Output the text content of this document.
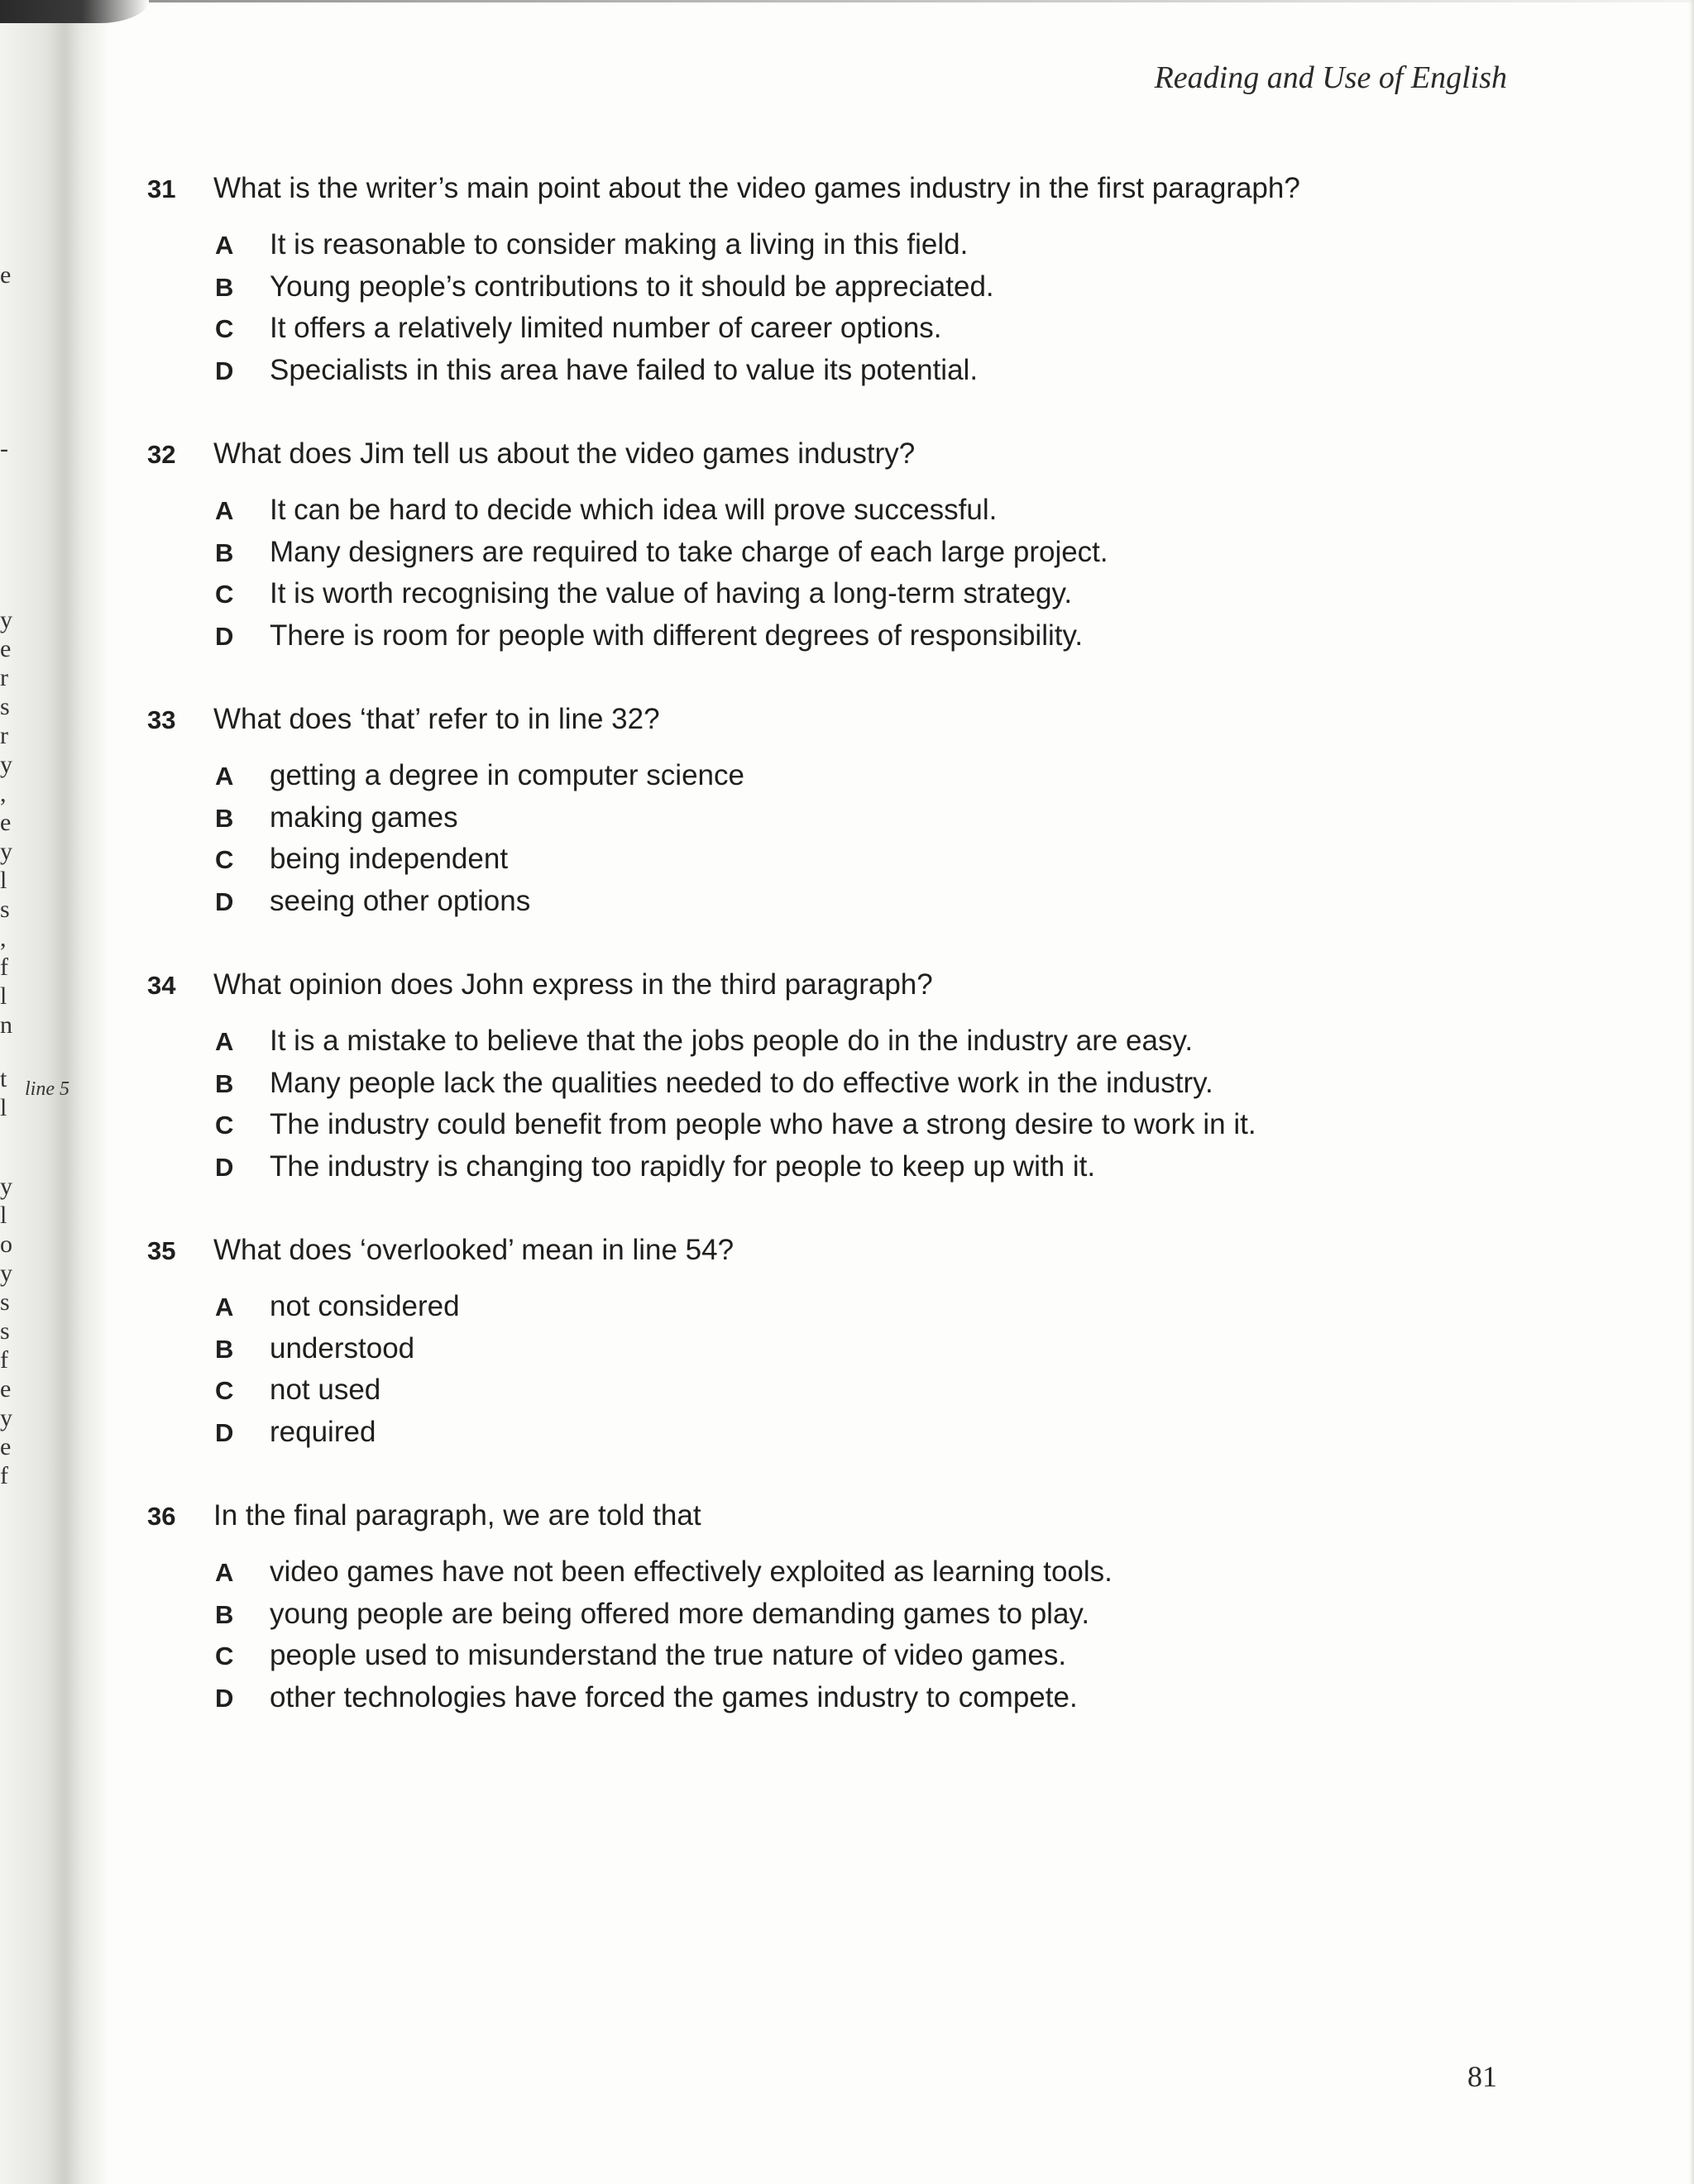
line 5
e
-
y
e
r
s
r
y
,
e
y
l
s
,
f
l
n
t
l
y
l
o
y
s
s
f
e
y
e
f
Reading and Use of English
31	What is the writer’s main point about the video games industry in the first paragraph?
A	It is reasonable to consider making a living in this field.
B	Young people’s contributions to it should be appreciated.
C	It offers a relatively limited number of career options.
D	Specialists in this area have failed to value its potential.
32	What does Jim tell us about the video games industry?
A	It can be hard to decide which idea will prove successful.
B	Many designers are required to take charge of each large project.
C	It is worth recognising the value of having a long-term strategy.
D	There is room for people with different degrees of responsibility.
33	What does ‘that’ refer to in line 32?
A	getting a degree in computer science
B	making games
C	being independent
D	seeing other options
34	What opinion does John express in the third paragraph?
A	It is a mistake to believe that the jobs people do in the industry are easy.
B	Many people lack the qualities needed to do effective work in the industry.
C	The industry could benefit from people who have a strong desire to work in it.
D	The industry is changing too rapidly for people to keep up with it.
35	What does ‘overlooked’ mean in line 54?
A	not considered
B	understood
C	not used
D	required
36	In the final paragraph, we are told that
A	video games have not been effectively exploited as learning tools.
B	young people are being offered more demanding games to play.
C	people used to misunderstand the true nature of video games.
D	other technologies have forced the games industry to compete.
81
